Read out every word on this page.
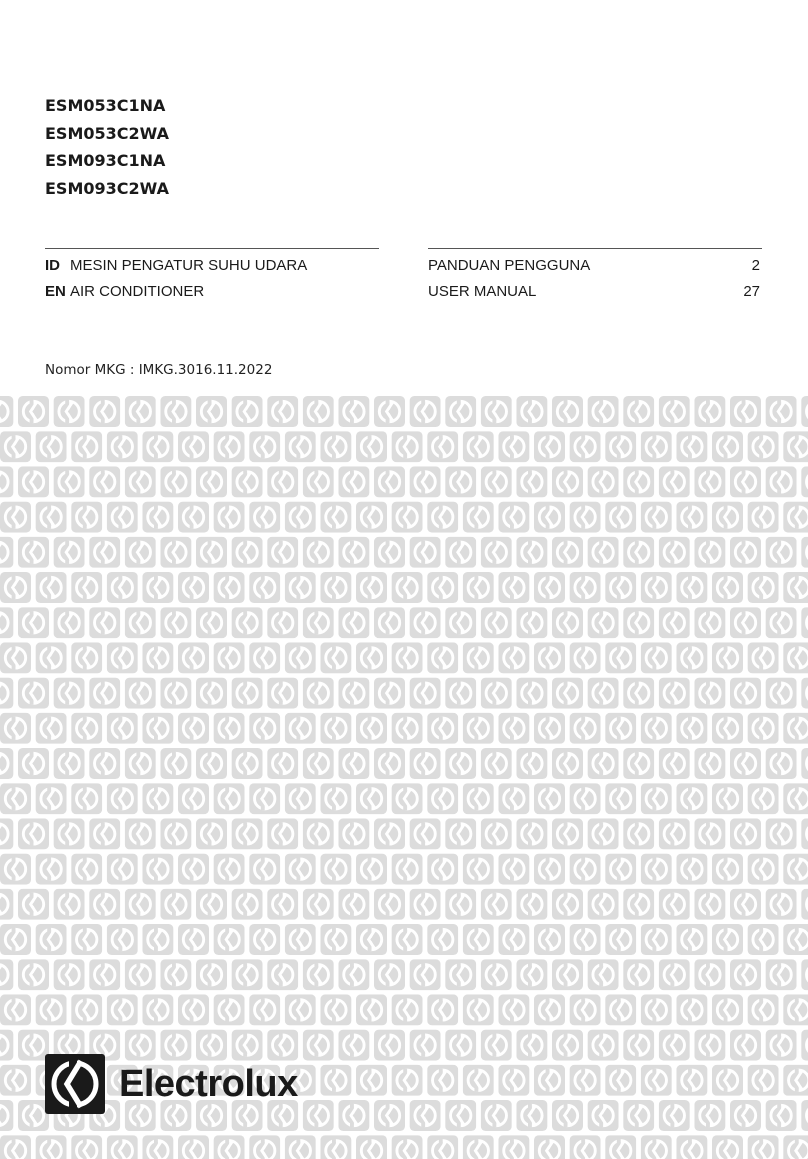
ESM053C1NA
ESM053C2WA
ESM093C1NA
ESM093C2WA
ID MESIN PENGATUR SUHU UDARA	PANDUAN PENGGUNA	2
EN AIR CONDITIONER	USER MANUAL	27
Nomor MKG : IMKG.3016.11.2022
Electrolux
